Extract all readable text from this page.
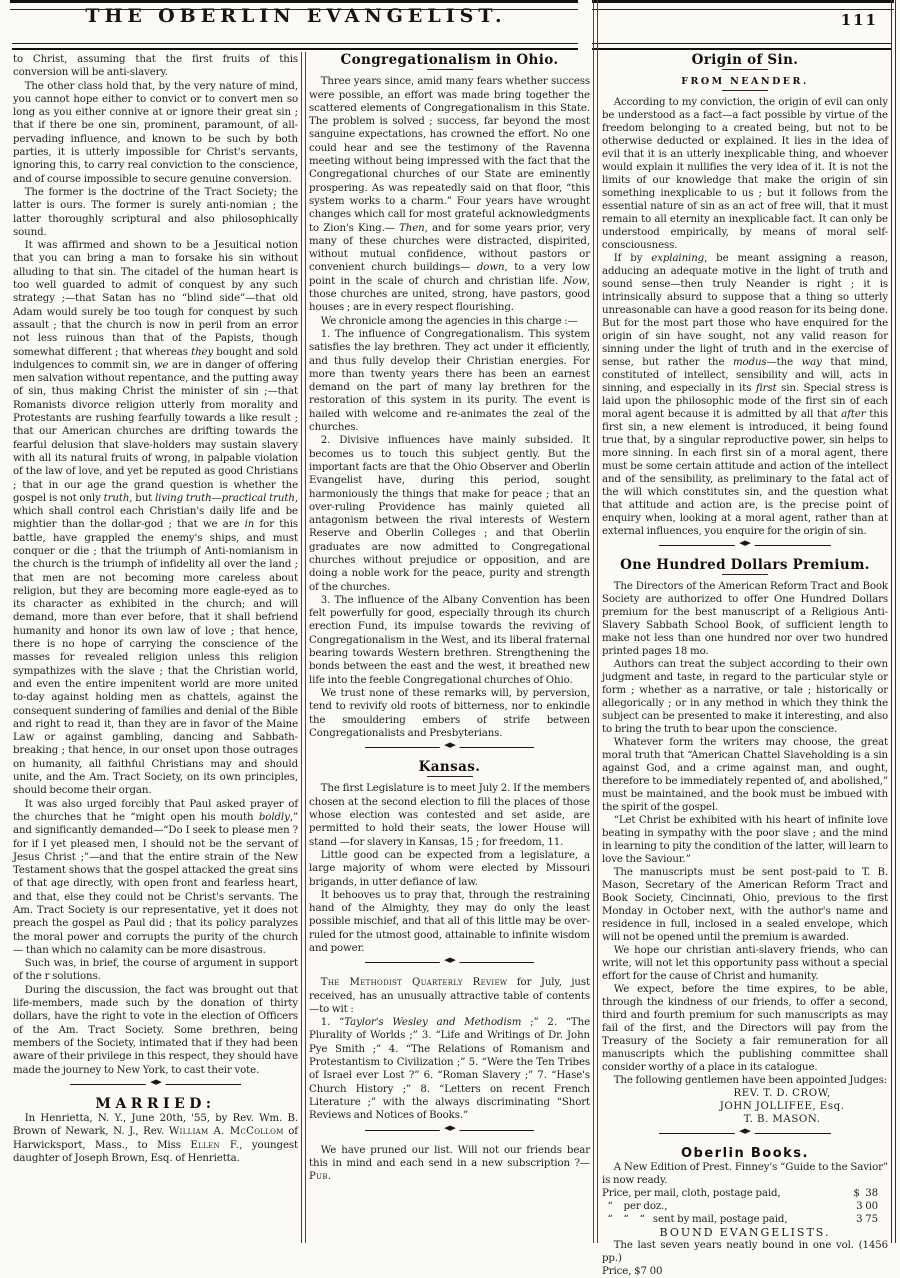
THE OBERLIN EVANGELIST.	111

to Christ, assuming that the first fruits of this conversion will be anti-slavery.

The other class hold that, by the very nature of mind, you cannot hope either to convict or to convert men so long as you either connive at or ignore their great sin ; that if there be one sin, prominent, paramount, of all-pervading influence, and known to be such by both parties, it is utterly impossible for Christ's servants, ignoring this, to carry real conviction to the conscience, and of course impossible to secure genuine conversion.

The former is the doctrine of the Tract Society; the latter is ours. The former is surely anti-nomian ; the latter thoroughly scriptural and also philosophically sound.

It was affirmed and shown to be a Jesuitical notion that you can bring a man to forsake his sin without alluding to that sin. The citadel of the human heart is too well guarded to admit of conquest by any such strategy ;—that Satan has no “blind side”—that old Adam would surely be too tough for conquest by such assault ; that the church is now in peril from an error not less ruinous than that of the Papists, though somewhat different ; that whereas they bought and sold indulgences to commit sin, we are in danger of offering men salvation without repentance, and the putting away of sin, thus making Christ the minister of sin ;—that Romanists divorce religion utterly from morality and Protestants are rushing fearfully towards a like result ; that our American churches are drifting towards the fearful delusion that slave-holders may sustain slavery with all its natural fruits of wrong, in palpable violation of the law of love, and yet be reputed as good Christians ; that in our age the grand question is whether the gospel is not only truth, but living truth—practical truth, which shall control each Christian's daily life and be mightier than the dollar-god ; that we are in for this battle, have grappled the enemy's ships, and must conquer or die ; that the triumph of Anti-nomianism in the church is the triumph of infidelity all over the land ; that men are not becoming more careless about religion, but they are becoming more eagle-eyed as to its character as exhibited in the church; and will demand, more than ever before, that it shall befriend humanity and honor its own law of love ; that hence, there is no hope of carrying the conscience of the masses for revealed religion unless this religion sympathizes with the slave ; that the Christian world, and even the entire impenitent world are more united to-day against holding men as chattels, against the consequent sundering of families and denial of the Bible and right to read it, than they are in favor of the Maine Law or against gambling, dancing and Sabbath-breaking ; that hence, in our onset upon those outrages on humanity, all faithful Christians may and should unite, and the Am. Tract Society, on its own principles, should become their organ.

It was also urged forcibly that Paul asked prayer of the churches that he “might open his mouth boldly,” and significantly demanded—“Do I seek to please men ? for if I yet pleased men, I should not be the servant of Jesus Christ ;”—and that the entire strain of the New Testament shows that the gospel attacked the great sins of that age directly, with open front and fearless heart, and that, else they could not be Christ's servants. The Am. Tract Society is our representative, yet it does not preach the gospel as Paul did ; that its policy paralyzes the moral power and corrupts the purity of the church — than which no calamity can be more disastrous.

Such was, in brief, the course of argument in support of the r solutions.

During the discussion, the fact was brought out that life-members, made such by the donation of thirty dollars, have the right to vote in the election of Officers of the Am. Tract Society. Some brethren, being members of the Society, intimated that if they had been aware of their privilege in this respect, they should have made the journey to New York, to cast their vote.

◆
MARRIED:

In Henrietta, N. Y., June 20th, '55, by Rev. Wm. B. Brown of Newark, N. J., Rev. William A. McCollom of Harwicksport, Mass., to Miss Ellen F., youngest daughter of Joseph Brown, Esq. of Henrietta.

Congregationalism in Ohio.

Three years since, amid many fears whether success were possible, an effort was made bring together the scattered elements of Congregationalism in this State. The problem is solved ; success, far beyond the most sanguine expectations, has crowned the effort. No one could hear and see the testimony of the Ravenna meeting without being impressed with the fact that the Congregational churches of our State are eminently prospering. As was repeatedly said on that floor, “this system works to a charm.” Four years have wrought changes which call for most grateful acknowledgments to Zion's King.— Then, and for some years prior, very many of these churches were distracted, dispirited, without mutual confidence, without pastors or convenient church buildings— down, to a very low point in the scale of church and christian life. Now, those churches are united, strong, have pastors, good houses ; are in every respect flourishing.

We chronicle among the agencies in this charge :—

1. The influence of Congregationalism. This system satisfies the lay brethren. They act under it efficiently, and thus fully develop their Christian energies. For more than twenty years there has been an earnest demand on the part of many lay brethren for the restoration of this system in its purity. The event is hailed with welcome and re-animates the zeal of the churches.

2. Divisive influences have mainly subsided. It becomes us to touch this subject gently. But the important facts are that the Ohio Observer and Oberlin Evangelist have, during this period, sought harmoniously the things that make for peace ; that an over-ruling Providence has mainly quieted all antagonism between the rival interests of Western Reserve and Oberlin Colleges ; and that Oberlin graduates are now admitted to Congregational churches without prejudice or opposition, and are doing a noble work for the peace, purity and strength of the churches.

3. The influence of the Albany Convention has been felt powerfully for good, especially through its church erection Fund, its impulse towards the reviving of Congregationalism in the West, and its liberal fraternal bearing towards Western brethren. Strengthening the bonds between the east and the west, it breathed new life into the feeble Congregational churches of Ohio.

We trust none of these remarks will, by perversion, tend to revivify old roots of bitterness, nor to enkindle the smouldering embers of strife between Congregationalists and Presbyterians.

◆
Kansas.

The first Legislature is to meet July 2. If the members chosen at the second election to fill the places of those whose election was contested and set aside, are permitted to hold their seats, the lower House will stand —for slavery in Kansas, 15 ; for freedom, 11.

Little good can be expected from a legislature, a large majority of whom were elected by Missouri brigands, in utter defiance of law.

It behooves us to pray that, through the restraining hand of the Almighty, they may do only the least possible mischief, and that all of this little may be over-ruled for the utmost good, attainable to infinite wisdom and power.

◆

The Methodist Quarterly Review for July, just received, has an unusually attractive table of contents—to wit :

1. “Taylor's Wesley and Methodism ;” 2. “The Plurality of Worlds ;” 3. “Life and Writings of Dr. John Pye Smith ;” 4. “The Relations of Romanism and Protestantism to Civilization ;” 5. “Were the Ten Tribes of Israel ever Lost ?” 6. “Roman Slavery ;” 7. “Hase's Church History ;” 8. “Letters on recent French Literature ;” with the always discriminating “Short Reviews and Notices of Books.”

◆

We have pruned our list. Will not our friends bear this in mind and each send in a new subscription ?—Pub.

Origin of Sin.
FROM NEANDER.

According to my conviction, the origin of evil can only be understood as a fact—a fact possible by virtue of the freedom belonging to a created being, but not to be otherwise deducted or explained. It lies in the idea of evil that it is an utterly inexplicable thing, and whoever would explain it nullifies the very idea of it. It is not the limits of our knowledge that make the origin of sin something inexplicable to us ; but it follows from the essential nature of sin as an act of free will, that it must remain to all eternity an inexplicable fact. It can only be understood empirically, by means of moral self-consciousness.

If by explaining, be meant assigning a reason, adducing an adequate motive in the light of truth and sound sense—then truly Neander is right ; it is intrinsically absurd to suppose that a thing so utterly unreasonable can have a good reason for its being done. But for the most part those who have enquired for the origin of sin have sought, not any valid reason for sinning under the light of truth and in the exercise of sense, but rather the modus—the way that mind, constituted of intellect, sensibility and will, acts in sinning, and especially in its first sin. Special stress is laid upon the philosophic mode of the first sin of each moral agent because it is admitted by all that after this first sin, a new element is introduced, it being found true that, by a singular reproductive power, sin helps to more sinning. In each first sin of a moral agent, there must be some certain attitude and action of the intellect and of the sensibility, as preliminary to the fatal act of the will which constitutes sin, and the question what that attitude and action are, is the precise point of enquiry when, looking at a moral agent, rather than at external influences, you enquire for the origin of sin.

◆
One Hundred Dollars Premium.

The Directors of the American Reform Tract and Book Society are authorized to offer One Hundred Dollars premium for the best manuscript of a Religious Anti-Slavery Sabbath School Book, of sufficient length to make not less than one hundred nor over two hundred printed pages 18 mo.

Authors can treat the subject according to their own judgment and taste, in regard to the particular style or form ; whether as a narrative, or tale ; historically or allegorically ; or in any method in which they think the subject can be presented to make it interesting, and also to bring the truth to bear upon the conscience.

Whatever form the writers may choose, the great moral truth that “American Chattel Slaveholding is a sin against God, and a crime against man, and ought, therefore to be immediately repented of, and abolished,” must be maintained, and the book must be imbued with the spirit of the gospel.

“Let Christ be exhibited with his heart of infinite love beating in sympathy with the poor slave ; and the mind in learning to pity the condition of the latter, will learn to love the Saviour.”

The manuscripts must be sent post-paid to T. B. Mason, Secretary of the American Reform Tract and Book Society, Cincinnati, Ohio, previous to the first Monday in October next, with the author's name and residence in full, inclosed in a sealed envelope, which will not be opened until the premium is awarded.

We hope our christian anti-slavery friends, who can write, will not let this opportunity pass without a special effort for the cause of Christ and humanity.

We expect, before the time expires, to be able, through the kindness of our friends, to offer a second, third and fourth premium for such manuscripts as may fail of the first, and the Directors will pay from the Treasury of the Society a fair remuneration for all manuscripts which the publishing committee shall consider worthy of a place in its catalogue.

The following gentlemen have been appointed Judges:

REV. T. D. CROW,
JOHN JOLLIFEE, Esq.
T. B. MASON.
◆
Oberlin Books.

A New Edition of Prest. Finney's “Guide to the Savior” is now ready.

Price, per mail, cloth, postage paid,	$  38
“    per doz.,	3 00
“    “    “   sent by mail, postage paid,	3 75
BOUND EVANGELISTS.

The last seven years neatly bound in one vol. (1456 pp.)
Price, $7 00
